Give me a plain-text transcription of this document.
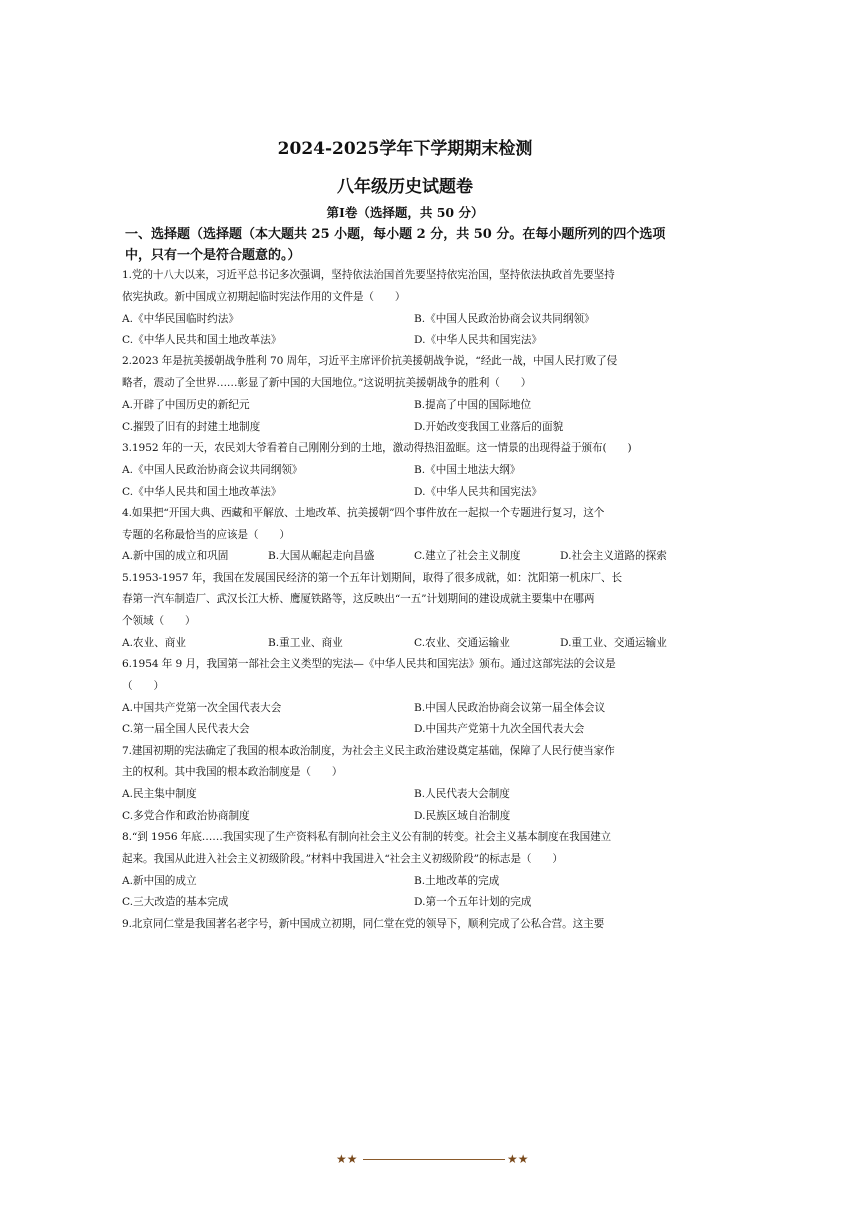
2024-2025学年下学期期末检测
八年级历史试题卷
第Ⅰ卷（选择题，共 50 分）
一、选择题（选择题（本大题共 25 小题，每小题 2 分，共 50 分。在每小题所列的四个选项
中，只有一个是符合题意的。）
1.党的十八大以来，习近平总书记多次强调，坚持依法治国首先要坚持依宪治国，坚持依法执政首先要坚持
依宪执政。新中国成立初期起临时宪法作用的文件是（　　）
A.《中华民国临时约法》	B.《中国人民政治协商会议共同纲领》
C.《中华人民共和国土地改革法》	D.《中华人民共和国宪法》
2.2023 年是抗美援朝战争胜利 70 周年，习近平主席评价抗美援朝战争说，“经此一战，中国人民打败了侵
略者，震动了全世界……彰显了新中国的大国地位。”这说明抗美援朝战争的胜利（　　）
A.开辟了中国历史的新纪元	B.提高了中国的国际地位
C.摧毁了旧有的封建土地制度	D.开始改变我国工业落后的面貌
3.1952 年的一天，农民刘大爷看着自己刚刚分到的土地，激动得热泪盈眶。这一情景的出现得益于颁布(　　)
A.《中国人民政治协商会议共同纲领》	B.《中国土地法大纲》
C.《中华人民共和国土地改革法》	D.《中华人民共和国宪法》
4.如果把“开国大典、西藏和平解放、土地改革、抗美援朝”四个事件放在一起拟一个专题进行复习，这个
专题的名称最恰当的应该是（　　）
A.新中国的成立和巩固	B.大国从崛起走向昌盛	C.建立了社会主义制度	D.社会主义道路的探索
5.1953-1957 年，我国在发展国民经济的第一个五年计划期间，取得了很多成就，如：沈阳第一机床厂、长
春第一汽车制造厂、武汉长江大桥、鹰厦铁路等，这反映出“一五”计划期间的建设成就主要集中在哪两
个领域（　　）
A.农业、商业	B.重工业、商业	C.农业、交通运输业	D.重工业、交通运输业
6.1954 年 9 月，我国第一部社会主义类型的宪法—《中华人民共和国宪法》颁布。通过这部宪法的会议是
（　　）
A.中国共产党第一次全国代表大会	B.中国人民政治协商会议第一届全体会议
C.第一届全国人民代表大会	D.中国共产党第十九次全国代表大会
7.建国初期的宪法确定了我国的根本政治制度，为社会主义民主政治建设奠定基础，保障了人民行使当家作
主的权利。其中我国的根本政治制度是（　　）
A.民主集中制度	B.人民代表大会制度
C.多党合作和政治协商制度	D.民族区域自治制度
8.“到 1956 年底……我国实现了生产资料私有制向社会主义公有制的转变。社会主义基本制度在我国建立
起来。我国从此进入社会主义初级阶段。”材料中我国进入“社会主义初级阶段”的标志是（　　）
A.新中国的成立	B.土地改革的完成
C.三大改造的基本完成	D.第一个五年计划的完成
9.北京同仁堂是我国著名老字号，新中国成立初期，同仁堂在党的领导下，顺利完成了公私合营。这主要
★★	★★
